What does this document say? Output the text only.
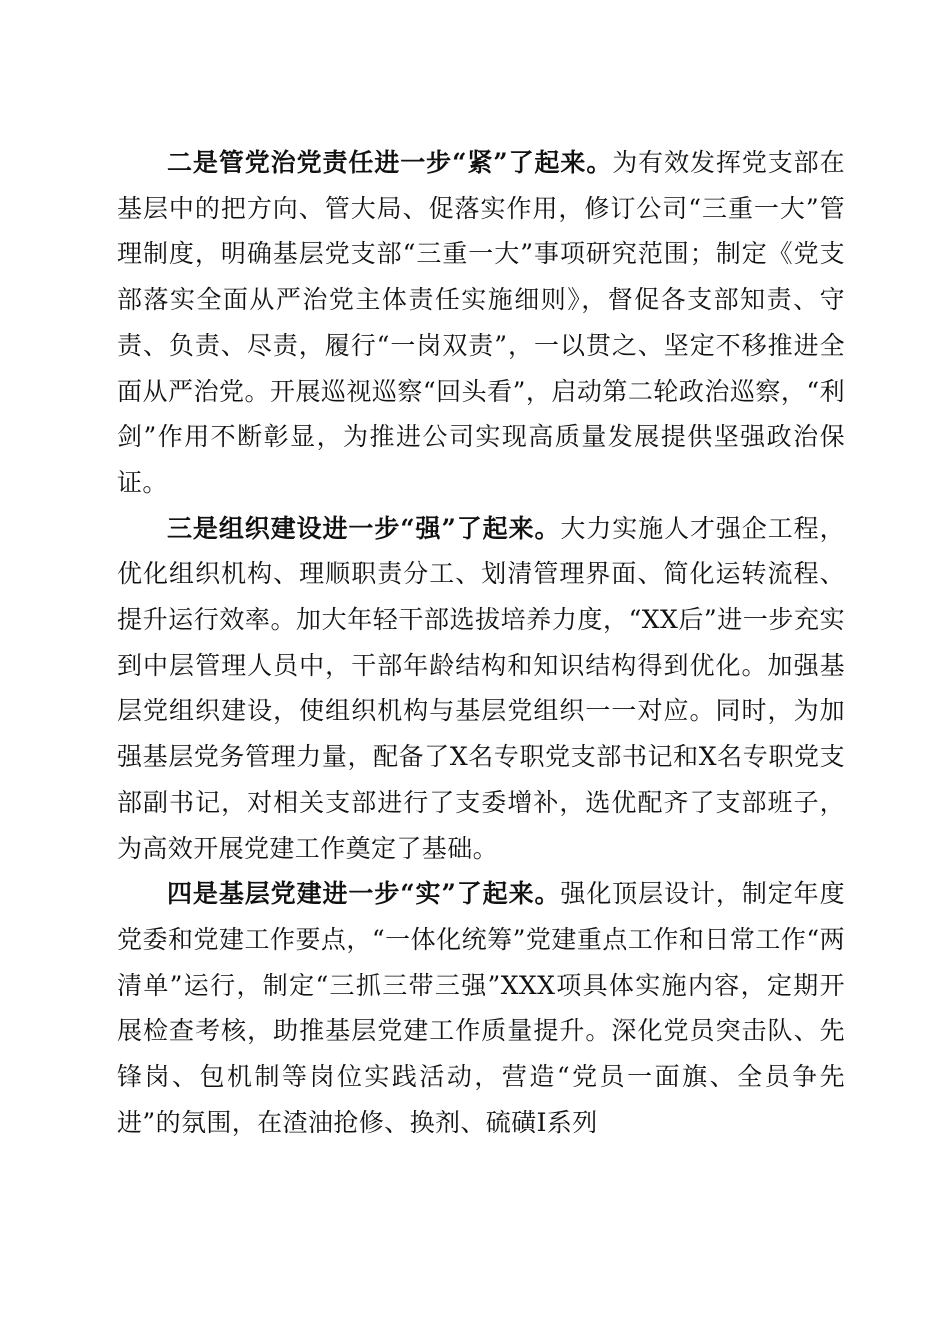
二是管党治党责任进一步“紧”了起来。为有效发挥党支部在基层中的把方向、管大局、促落实作用，修订公司“三重一大”管理制度，明确基层党支部“三重一大”事项研究范围；制定《党支部落实全面从严治党主体责任实施细则》，督促各支部知责、守责、负责、尽责，履行“一岗双责”，一以贯之、坚定不移推进全面从严治党。开展巡视巡察“回头看”，启动第二轮政治巡察，“利剑”作用不断彰显，为推进公司实现高质量发展提供坚强政治保证。

三是组织建设进一步“强”了起来。大力实施人才强企工程，优化组织机构、理顺职责分工、划清管理界面、简化运转流程、提升运行效率。加大年轻干部选拔培养力度，“XX后”进一步充实到中层管理人员中，干部年龄结构和知识结构得到优化。加强基层党组织建设，使组织机构与基层党组织一一对应。同时，为加强基层党务管理力量，配备了X名专职党支部书记和X名专职党支部副书记，对相关支部进行了支委增补，选优配齐了支部班子，为高效开展党建工作奠定了基础。

四是基层党建进一步“实”了起来。强化顶层设计，制定年度党委和党建工作要点，“一体化统筹”党建重点工作和日常工作“两清单”运行，制定“三抓三带三强”XXX项具体实施内容，定期开展检查考核，助推基层党建工作质量提升。深化党员突击队、先锋岗、包机制等岗位实践活动，营造“党员一面旗、全员争先进”的氛围，在渣油抢修、换剂、硫磺Ⅰ系列
